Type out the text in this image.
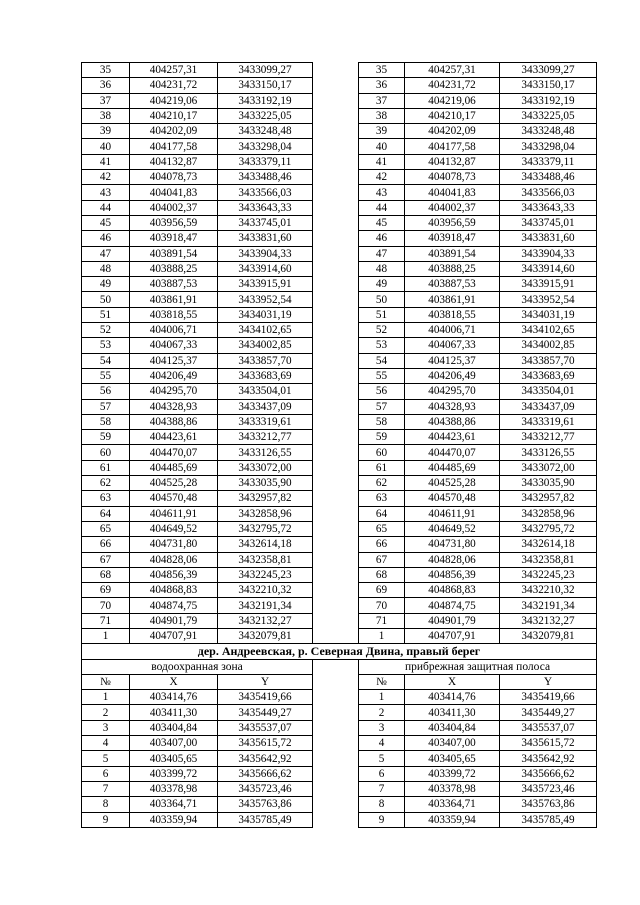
35	404257,31	3433099,27		35	404257,31	3433099,27
36	404231,72	3433150,17		36	404231,72	3433150,17
37	404219,06	3433192,19		37	404219,06	3433192,19
38	404210,17	3433225,05		38	404210,17	3433225,05
39	404202,09	3433248,48		39	404202,09	3433248,48
40	404177,58	3433298,04		40	404177,58	3433298,04
41	404132,87	3433379,11		41	404132,87	3433379,11
42	404078,73	3433488,46		42	404078,73	3433488,46
43	404041,83	3433566,03		43	404041,83	3433566,03
44	404002,37	3433643,33		44	404002,37	3433643,33
45	403956,59	3433745,01		45	403956,59	3433745,01
46	403918,47	3433831,60		46	403918,47	3433831,60
47	403891,54	3433904,33		47	403891,54	3433904,33
48	403888,25	3433914,60		48	403888,25	3433914,60
49	403887,53	3433915,91		49	403887,53	3433915,91
50	403861,91	3433952,54		50	403861,91	3433952,54
51	403818,55	3434031,19		51	403818,55	3434031,19
52	404006,71	3434102,65		52	404006,71	3434102,65
53	404067,33	3434002,85		53	404067,33	3434002,85
54	404125,37	3433857,70		54	404125,37	3433857,70
55	404206,49	3433683,69		55	404206,49	3433683,69
56	404295,70	3433504,01		56	404295,70	3433504,01
57	404328,93	3433437,09		57	404328,93	3433437,09
58	404388,86	3433319,61		58	404388,86	3433319,61
59	404423,61	3433212,77		59	404423,61	3433212,77
60	404470,07	3433126,55		60	404470,07	3433126,55
61	404485,69	3433072,00		61	404485,69	3433072,00
62	404525,28	3433035,90		62	404525,28	3433035,90
63	404570,48	3432957,82		63	404570,48	3432957,82
64	404611,91	3432858,96		64	404611,91	3432858,96
65	404649,52	3432795,72		65	404649,52	3432795,72
66	404731,80	3432614,18		66	404731,80	3432614,18
67	404828,06	3432358,81		67	404828,06	3432358,81
68	404856,39	3432245,23		68	404856,39	3432245,23
69	404868,83	3432210,32		69	404868,83	3432210,32
70	404874,75	3432191,34		70	404874,75	3432191,34
71	404901,79	3432132,27		71	404901,79	3432132,27
1	404707,91	3432079,81		1	404707,91	3432079,81
дер. Андреевская, р. Северная Двина, правый берег						
водоохранная зона				прибрежная защитная полоса		
№	X	Y		№	X	Y
1	403414,76	3435419,66		1	403414,76	3435419,66
2	403411,30	3435449,27		2	403411,30	3435449,27
3	403404,84	3435537,07		3	403404,84	3435537,07
4	403407,00	3435615,72		4	403407,00	3435615,72
5	403405,65	3435642,92		5	403405,65	3435642,92
6	403399,72	3435666,62		6	403399,72	3435666,62
7	403378,98	3435723,46		7	403378,98	3435723,46
8	403364,71	3435763,86		8	403364,71	3435763,86
9	403359,94	3435785,49		9	403359,94	3435785,49
